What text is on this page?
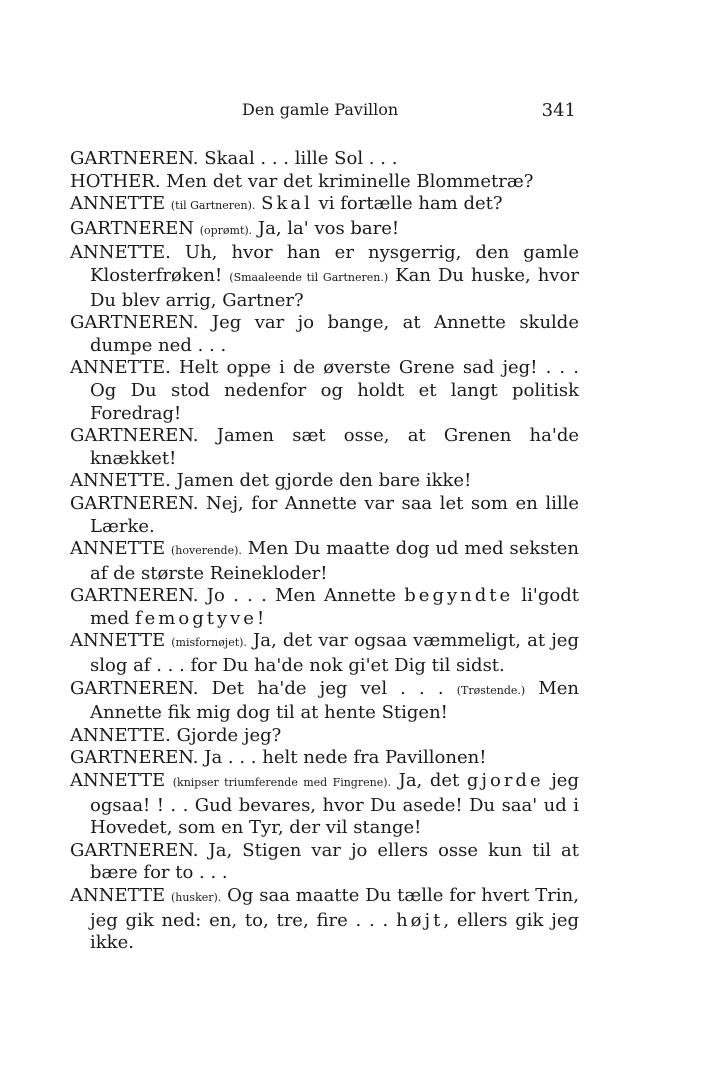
Den gamle Pavillon	341
GARTNEREN. Skaal . . . lille Sol . . .
HOTHER. Men det var det kriminelle Blommetræ?
ANNETTE (til Gartneren). Skal vi fortælle ham det?
GARTNEREN (oprømt). Ja, la' vos bare!
ANNETTE. Uh, hvor han er nysgerrig, den gamle Klosterfrøken! (Smaaleende til Gartneren.) Kan Du huske, hvor Du blev arrig, Gartner?
GARTNEREN. Jeg var jo bange, at Annette skulde dumpe ned . . .
ANNETTE. Helt oppe i de øverste Grene sad jeg! . . . Og Du stod nedenfor og holdt et langt politisk Foredrag!
GARTNEREN. Jamen sæt osse, at Grenen ha'de knækket!
ANNETTE. Jamen det gjorde den bare ikke!
GARTNEREN. Nej, for Annette var saa let som en lille Lærke.
ANNETTE (hoverende). Men Du maatte dog ud med seksten af de største Reinekloder!
GARTNEREN. Jo . . . Men Annette begyndte li'godt med femogtyve!
ANNETTE (misfornøjet). Ja, det var ogsaa væmmeligt, at jeg slog af . . . for Du ha'de nok gi'et Dig til sidst.
GARTNEREN. Det ha'de jeg vel . . . (Trøstende.) Men Annette fik mig dog til at hente Stigen!
ANNETTE. Gjorde jeg?
GARTNEREN. Ja . . . helt nede fra Pavillonen!
ANNETTE (knipser triumferende med Fingrene). Ja, det gjorde jeg ogsaa! ! . . Gud bevares, hvor Du asede! Du saa' ud i Hovedet, som en Tyr, der vil stange!
GARTNEREN. Ja, Stigen var jo ellers osse kun til at bære for to . . .
ANNETTE (husker). Og saa maatte Du tælle for hvert Trin, jeg gik ned: en, to, tre, fire . . . højt, ellers gik jeg ikke.
